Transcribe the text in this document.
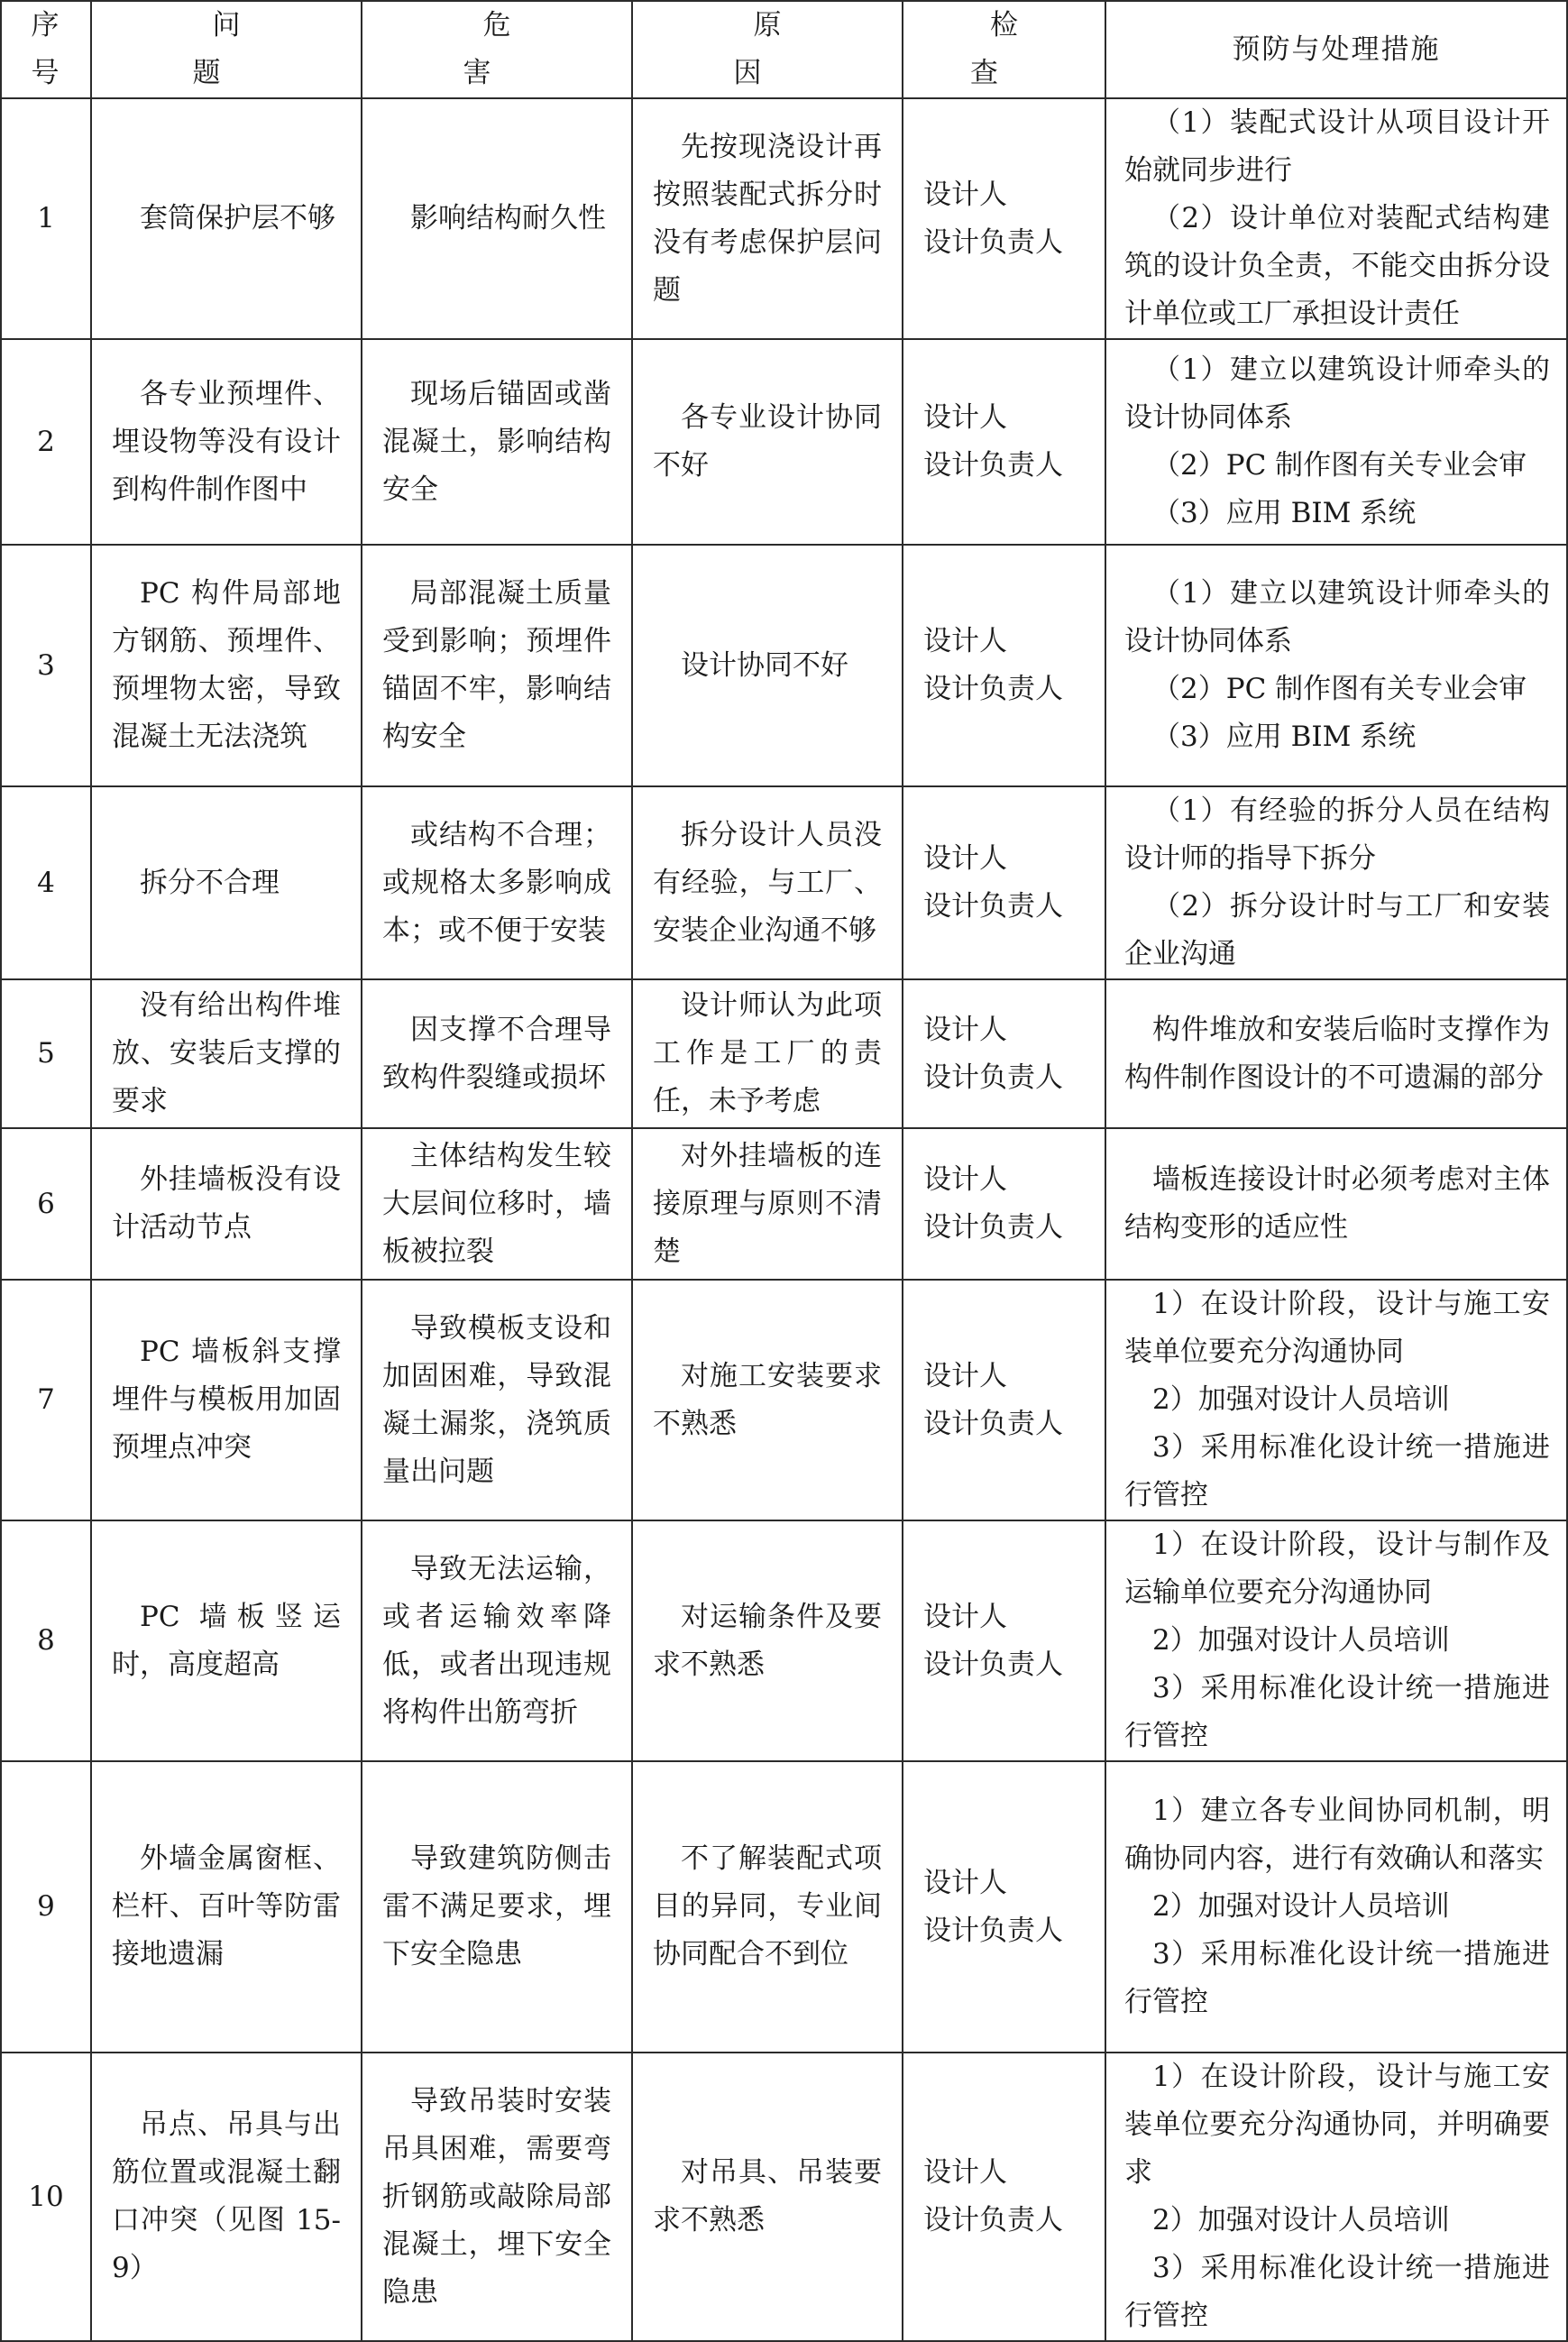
序号	问　题	危　害	原　因	检　查	预防与处理措施
1	套筒保护层不够	影响结构耐久性	先按现浇设计再按照装配式拆分时没有考虑保护层问题	设计人
设计负责人	（1）装配式设计从项目设计开始就同步进行
（2）设计单位对装配式结构建筑的设计负全责，不能交由拆分设计单位或工厂承担设计责任

2	各专业预埋件、埋设物等没有设计到构件制作图中	现场后锚固或凿混凝土，影响结构安全	各专业设计协同不好	设计人
设计负责人	（1）建立以建筑设计师牵头的设计协同体系
（2）PC 制作图有关专业会审
（3）应用 BIM 系统

3	PC 构件局部地方钢筋、预埋件、预埋物太密，导致混凝土无法浇筑	局部混凝土质量受到影响；预埋件锚固不牢，影响结构安全	设计协同不好	设计人
设计负责人	（1）建立以建筑设计师牵头的设计协同体系
（2）PC 制作图有关专业会审
（3）应用 BIM 系统

4	拆分不合理	或结构不合理；或规格太多影响成本；或不便于安装	拆分设计人员没有经验，与工厂、安装企业沟通不够	设计人
设计负责人	（1）有经验的拆分人员在结构设计师的指导下拆分
（2）拆分设计时与工厂和安装企业沟通

5	没有给出构件堆放、安装后支撑的要求	因支撑不合理导致构件裂缝或损坏	设计师认为此项工作是工厂的责任，未予考虑	设计人
设计负责人	构件堆放和安装后临时支撑作为构件制作图设计的不可遗漏的部分

6	外挂墙板没有设计活动节点	主体结构发生较大层间位移时，墙板被拉裂	对外挂墙板的连接原理与原则不清楚	设计人
设计负责人	墙板连接设计时必须考虑对主体结构变形的适应性

7	PC 墙板斜支撑埋件与模板用加固预埋点冲突	导致模板支设和加固困难，导致混凝土漏浆，浇筑质量出问题	对施工安装要求不熟悉	设计人
设计负责人	1）在设计阶段，设计与施工安装单位要充分沟通协同
2）加强对设计人员培训
3）采用标准化设计统一措施进行管控

8	PC 墙板竖运时，高度超高	导致无法运输，或者运输效率降低，或者出现违规将构件出筋弯折	对运输条件及要求不熟悉	设计人
设计负责人	1）在设计阶段，设计与制作及运输单位要充分沟通协同
2）加强对设计人员培训
3）采用标准化设计统一措施进行管控

9	外墙金属窗框、栏杆、百叶等防雷接地遗漏	导致建筑防侧击雷不满足要求，埋下安全隐患	不了解装配式项目的异同，专业间协同配合不到位	设计人
设计负责人	1）建立各专业间协同机制，明确协同内容，进行有效确认和落实
2）加强对设计人员培训
3）采用标准化设计统一措施进行管控

10	吊点、吊具与出筋位置或混凝土翻口冲突（见图 15-9）	导致吊装时安装吊具困难，需要弯折钢筋或敲除局部混凝土，埋下安全隐患	对吊具、吊装要求不熟悉	设计人
设计负责人	1）在设计阶段，设计与施工安装单位要充分沟通协同，并明确要求
2）加强对设计人员培训
3）采用标准化设计统一措施进行管控
